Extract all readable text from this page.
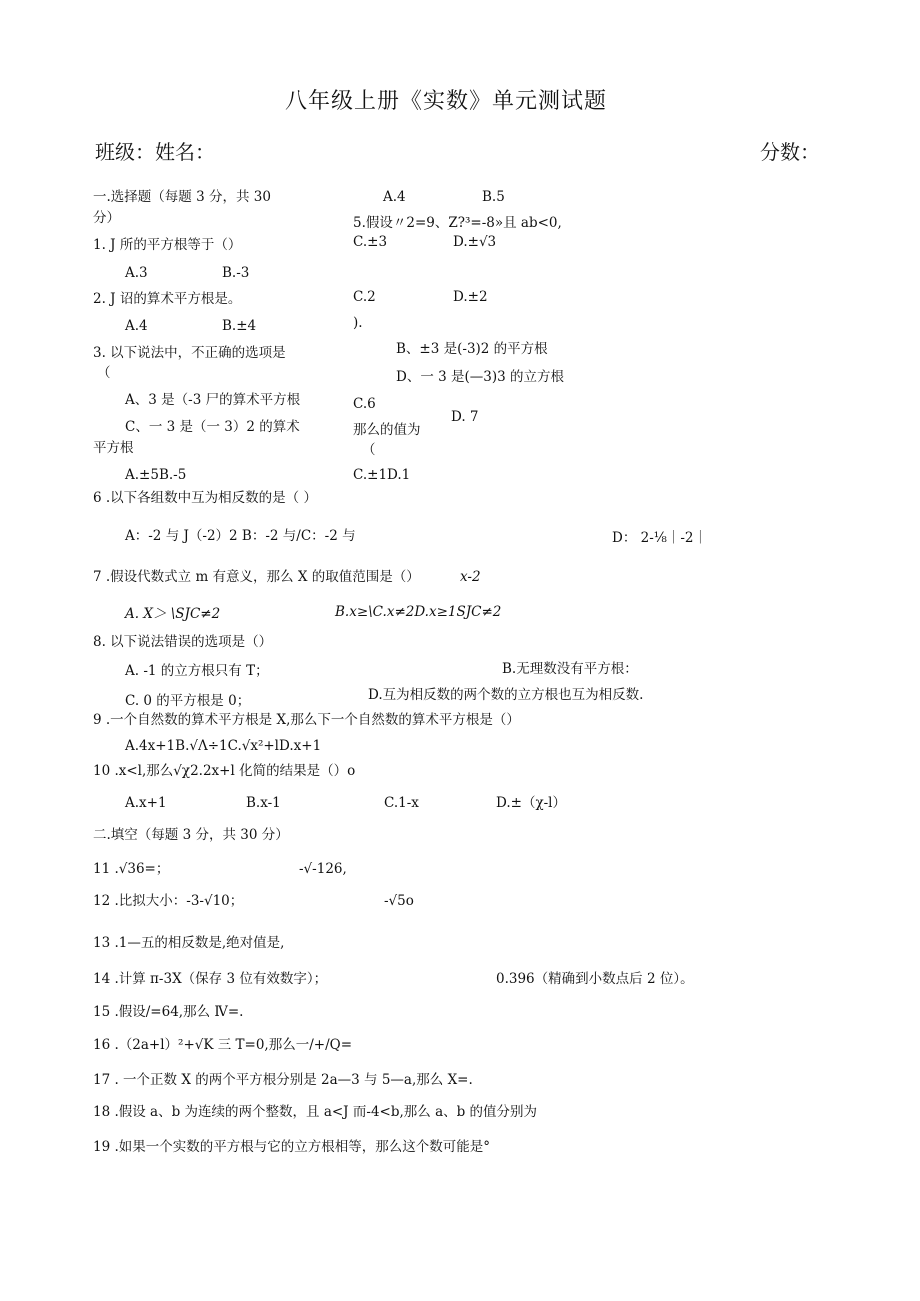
八年级上册《实数》单元测试题
班级：姓名：	分数：
一.选择题（每题 3 分，共 30
分）
1. J 所的平方根等于（）
A.3	B.-3
2. J 诏的算术平方根是。
A.4	B.±4
3. 以下说法中，不正确的选项是
（
A、3 是（-3 尸的算术平方根
C、一 3 是（一 3）2 的算术
平方根
A.±5B.-5
A.4	B.5
5.假设〃2=9、Z?³=-8»且 ab<0,
C.±3	D.±√3
C.2	D.±2
).
B、±3 是(-3)2 的平方根
D、一 3 是(—3)3 的立方根
C.6
D. 7
那么的值为
（
C.±1D.1
6 .以下各组数中互为相反数的是（ ）
A：-2 与 J（-2）2 B：-2 与/C：-2 与	D： 2-⅛｜-2｜
7 .假设代数式立 m 有意义，那么 X 的取值范围是（）	x-2
A. X＞ \SJC≠2	B.x≥\C.x≠2D.x≥1SJC≠2
8. 以下说法错误的选项是（）
A. -1 的立方根只有 T；	B.无理数没有平方根：
C. 0 的平方根是 0；	D.互为相反数的两个数的立方根也互为相反数.
9 .一个自然数的算术平方根是 X,那么下一个自然数的算术平方根是（）
A.4x+1B.√Λ÷1C.√x²+lD.x+1
10 .x<l,那么√χ2.2x+l 化简的结果是（）o
A.x+1	B.x-1	C.1-x	D.±（χ-l）
二.填空（每题 3 分，共 30 分）
11 .√36=；	-√-126,
12 .比拟大小：-3-√10；	-√5o
13 .1—五的相反数是,绝对值是,
14 .计算 π-3X（保存 3 位有效数字）；	0.396（精确到小数点后 2 位）。
15 .假设/=64,那么 Ⅳ=.
16 .（2a+l）²+√K 三 T=0,那么一/+/Q=
17 . 一个正数 X 的两个平方根分别是 2a—3 与 5—a,那么 X=.
18 .假设 a、b 为连续的两个整数，且 a<J 而-4<b,那么 a、b 的值分别为
19 .如果一个实数的平方根与它的立方根相等，那么这个数可能是°
